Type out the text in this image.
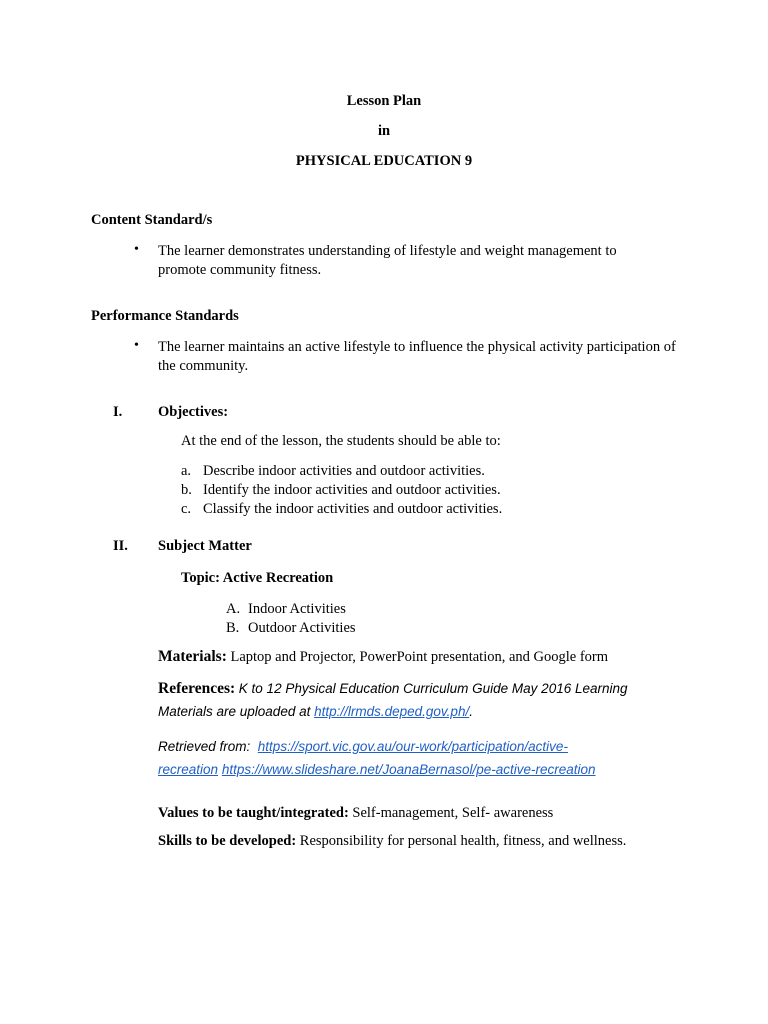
Lesson Plan
in
PHYSICAL EDUCATION 9
Content Standard/s
• The learner demonstrates understanding of lifestyle and weight management to promote community fitness.
Performance Standards
• The learner maintains an active lifestyle to influence the physical activity participation of the community.
I. Objectives:
At the end of the lesson, the students should be able to:
a. Describe indoor activities and outdoor activities.
b. Identify the indoor activities and outdoor activities.
c. Classify the indoor activities and outdoor activities.
II. Subject Matter
Topic: Active Recreation
A. Indoor Activities
B. Outdoor Activities
Materials: Laptop and Projector, PowerPoint presentation, and Google form
References: K to 12 Physical Education Curriculum Guide May 2016 Learning
Materials are uploaded at http://lrmds.deped.gov.ph/.
Retrieved from: https://sport.vic.gov.au/our-work/participation/active-
recreation https://www.slideshare.net/JoanaBernasol/pe-active-recreation
Values to be taught/integrated: Self-management, Self- awareness
Skills to be developed: Responsibility for personal health, fitness, and wellness.
